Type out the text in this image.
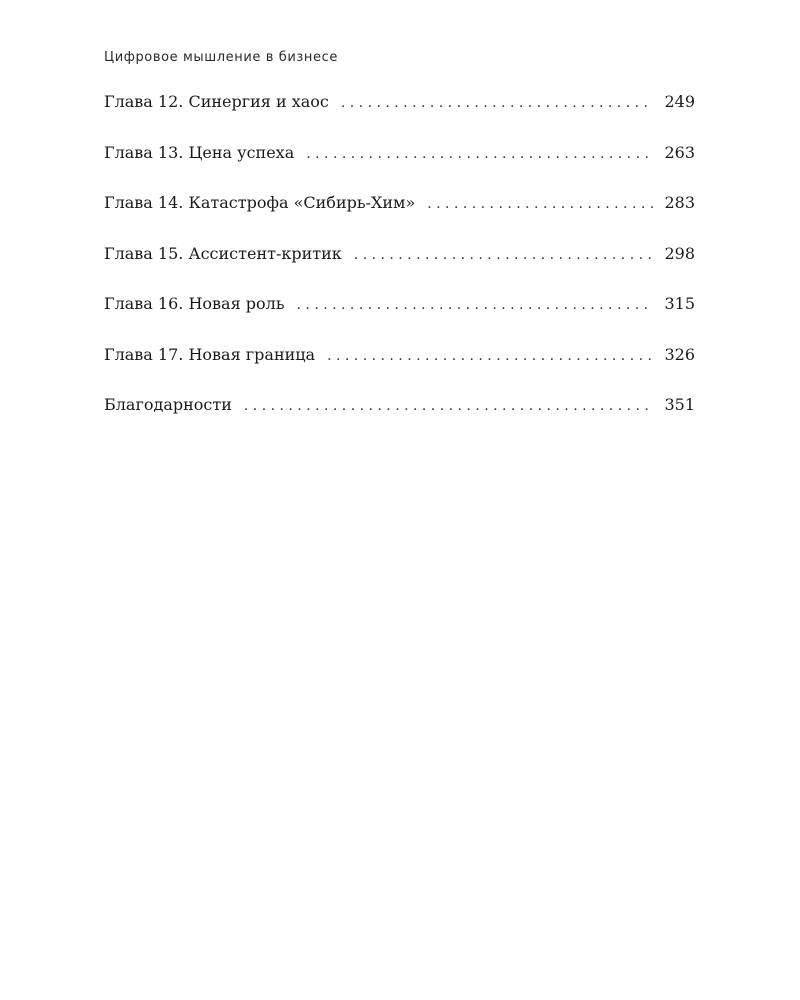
Цифровое мышление в бизнесе
Глава 12. Синергия и хаос . . .	249
Глава 13. Цена успеха . . .	263
Глава 14. Катастрофа «Сибирь-Хим» . . .	283
Глава 15. Ассистент-критик . . .	298
Глава 16. Новая роль . . .	315
Глава 17. Новая граница . . .	326
Благодарности . . .	351
